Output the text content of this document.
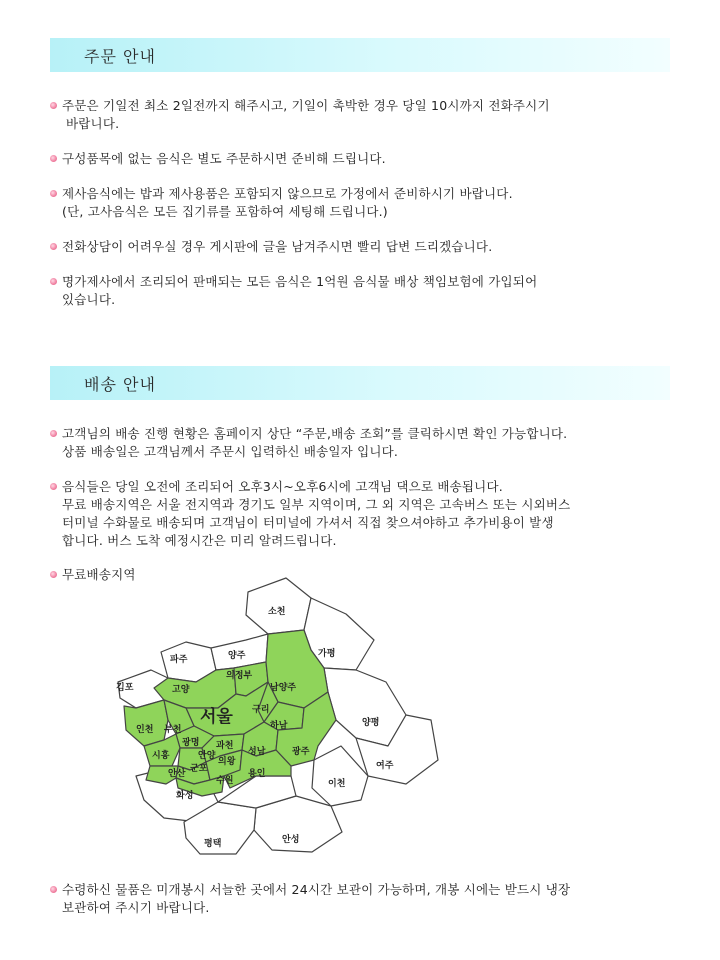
주문 안내
주문은 기일전 최소 2일전까지 해주시고, 기일이 촉박한 경우 당일 10시까지 전화주시기
바랍니다.
구성품목에 없는 음식은 별도 주문하시면 준비해 드립니다.
제사음식에는 밥과 제사용품은 포함되지 않으므로 가정에서 준비하시기 바랍니다.
(단, 고사음식은 모든 집기류를 포함하여 세팅해 드립니다.)
전화상담이 어려우실 경우 게시판에 글을 남겨주시면 빨리 답변 드리겠습니다.
명가제사에서 조리되어 판매되는 모든 음식은 1억원 음식물 배상 책임보험에 가입되어
있습니다.
배송 안내
고객님의 배송 진행 현황은 홈페이지 상단 “주문,배송 조회”를 클릭하시면 확인 가능합니다.
상품 배송일은 고객님께서 주문시 입력하신 배송일자 입니다.
음식들은 당일 오전에 조리되어 오후3시~오후6시에 고객님 댁으로 배송됩니다.
무료 배송지역은 서울 전지역과 경기도 일부 지역이며, 그 외 지역은 고속버스 또는 시외버스
터미널 수화물로 배송되며 고객님이 터미널에 가셔서 직접 찾으셔야하고 추가비용이 발생
합니다. 버스 도착 예정시간은 미리 알려드립니다.
무료배송지역
소천
파주	양주	가평
의정부
김포	고양	남양주
구리
인천 부천	하남	양평
광명 과천
시흥	안양	성남	광주
군포
의왕
안산
여주
수원
용인
이천
화성
평택	안성
서울
수령하신 물품은 미개봉시 서늘한 곳에서 24시간 보관이 가능하며, 개봉 시에는 받드시 냉장
보관하여 주시기 바랍니다.
